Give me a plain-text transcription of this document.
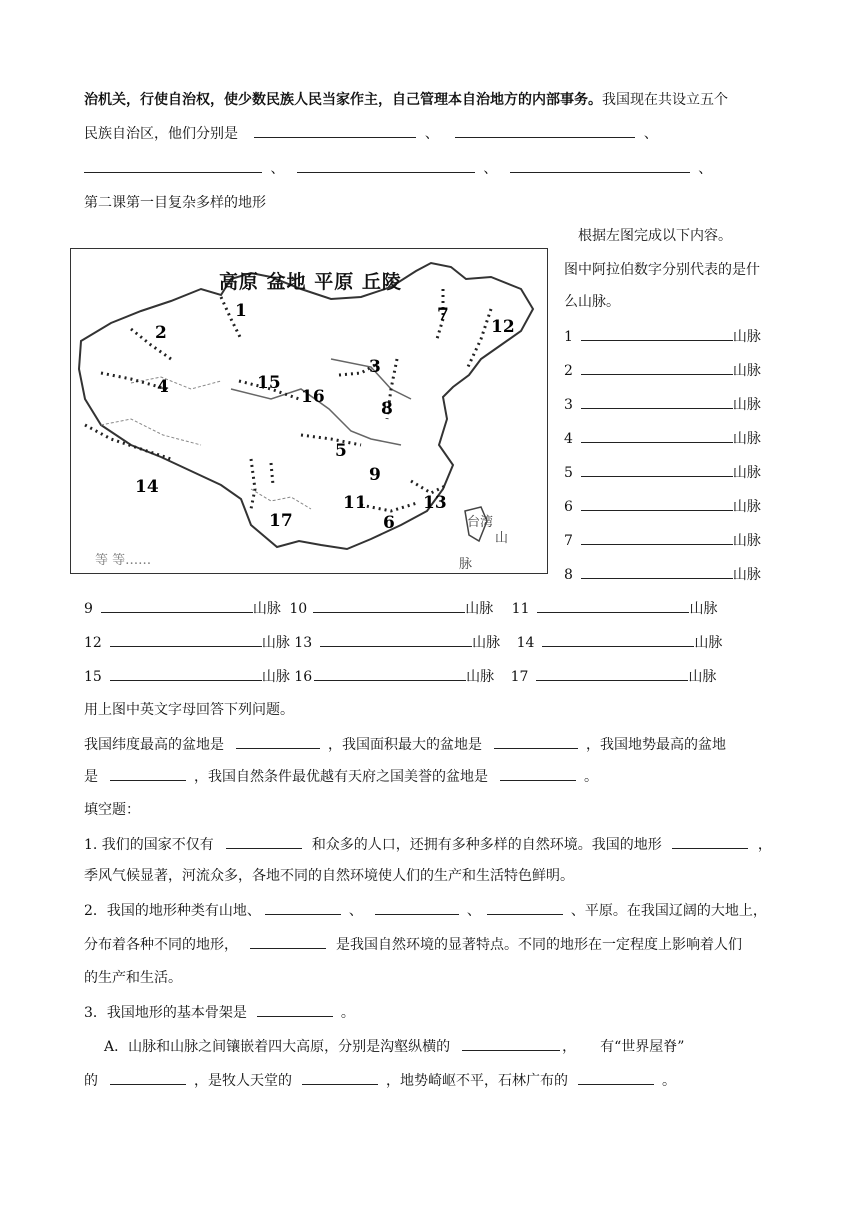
治机关，行使自治权，使少数民族人民当家作主，自己管理本自治地方的内部事务。我国现在共设立五个
民族自治区，他们分别是	、	、
、	、	、
第二课第一目复杂多样的地形
高原 盆地 平原 丘陵
1
2
3
4
5
6
7
8
9
11
12
13
14
15
16
17
等 等……
台湾
山
脉
根据左图完成以下内容。
图中阿拉伯数字分别代表的是什
么山脉。
1	山脉
2	山脉
3	山脉
4	山脉
5	山脉
6	山脉
7	山脉
8	山脉
9	山脉 10	山脉 11	山脉
12	山脉 13	山脉 14	山脉
15	山脉 16	山脉 17	山脉
用上图中英文字母回答下列问题。
我国纬度最高的盆地是	，我国面积最大的盆地是	，我国地势最高的盆地
是	，我国自然条件最优越有天府之国美誉的盆地是	。
填空题：
1. 我们的国家不仅有	和众多的人口，还拥有多种多样的自然环境。我国的地形	，
季风气候显著，河流众多，各地不同的自然环境使人们的生产和生活特色鲜明。
2．我国的地形种类有山地、	、	、	、平原。在我国辽阔的大地上，
分布着各种不同的地形，	是我国自然环境的显著特点。不同的地形在一定程度上影响着人们
的生产和生活。
3．我国地形的基本骨架是	。
A．山脉和山脉之间镶嵌着四大高原，分别是沟壑纵横的	， 有“世界屋脊”
的	，是牧人天堂的	，地势崎岖不平，石林广布的	。
